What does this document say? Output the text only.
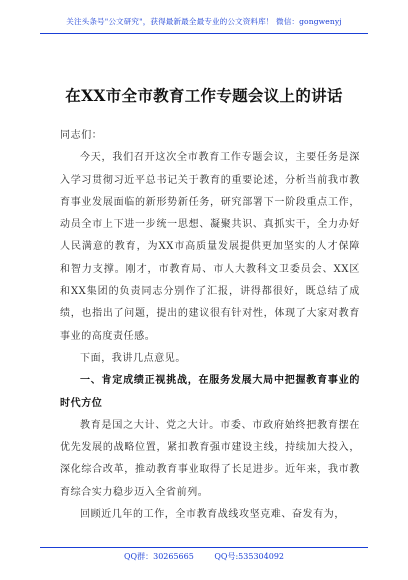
关注头条号"公文研究"，获得最新最全最专业的公文资料库！ 微信：gongwenyj
在XX市全市教育工作专题会议上的讲话

同志们：

今天，我们召开这次全市教育工作专题会议，主要任务是深入学习贯彻习近平总书记关于教育的重要论述，分析当前我市教育事业发展面临的新形势新任务，研究部署下一阶段重点工作，动员全市上下进一步统一思想、凝聚共识、真抓实干，全力办好人民满意的教育，为XX市高质量发展提供更加坚实的人才保障和智力支撑。刚才，市教育局、市人大教科文卫委员会、XX区和XX集团的负责同志分别作了汇报，讲得都很好，既总结了成绩，也指出了问题，提出的建议很有针对性，体现了大家对教育事业的高度责任感。

下面，我讲几点意见。

一、肯定成绩正视挑战，在服务发展大局中把握教育事业的时代方位

教育是国之大计、党之大计。市委、市政府始终把教育摆在优先发展的战略位置，紧扣教育强市建设主线，持续加大投入，深化综合改革，推动教育事业取得了长足进步。近年来，我市教育综合实力稳步迈入全省前列。

回顾近几年的工作，全市教育战线攻坚克难、奋发有为，

QQ群：30265665	QQ号:535304092
